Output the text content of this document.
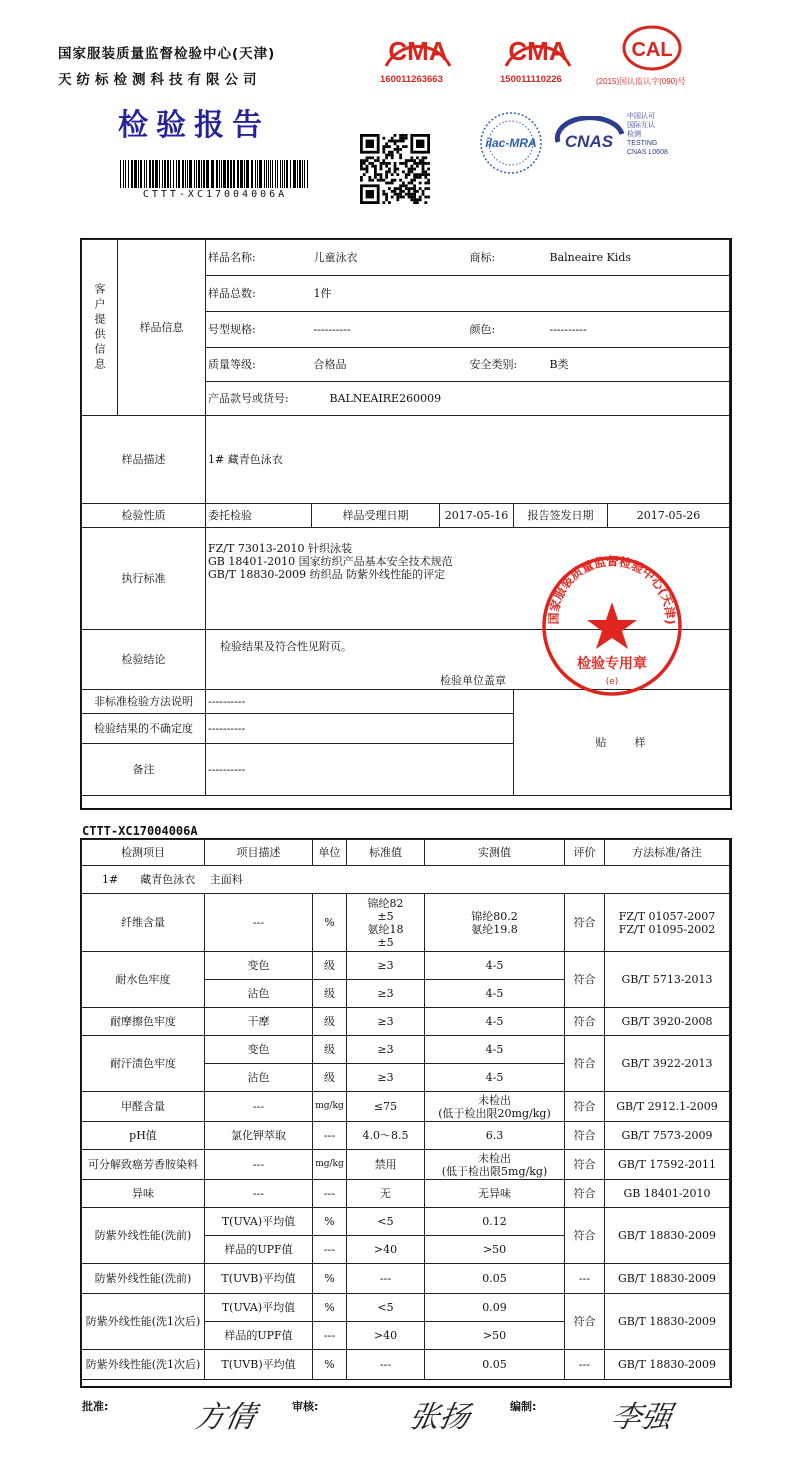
国家服装质量监督检验中心(天津)
天纺标检测科技有限公司
检验报告
CTTT-XC17004006A
CMA
160011263663
CMA
150011110226
CAL
(2015)国认监认字(090)号
ilac-MRA CNAS
中国认可
国际互认
检测
TESTING
CNAS L0608
客户提供信息	样品信息	样品名称:	儿童泳衣	商标:		Balneaire Kids	
		样品总数:	1件				
		号型规格:	----------	颜色:		----------	
		质量等级:	合格品	安全类别:		B类	
		产品款号或货号:	BALNEAIRE260009				
样品描述		1# 藏青色泳衣					
检验性质		委托检验	样品受理日期	2017-05-16	报告签发日期		2017-05-26
执行标准		FZ/T 73013-2010 针织泳装
GB 18401-2010 国家纺织产品基本安全技术规范
GB/T 18830-2009 纺织品 防紫外线性能的评定					

检验结论		检验结果及符合性见附页。
检验单位盖章					

非标准检验方法说明		----------			贴　　样		
检验结果的不确定度		----------					
备注		----------					
国家服装质量监督检验中心(天津)
检验专用章
(e)
CTTT-XC17004006A
检测项目	项目描述	单位	标准值	实测值	评价	方法标准/备注
1#　　藏青色泳衣　 主面料						
纤维含量	---	%	锦纶82
±5
氨纶18
±5	锦纶80.2
氨纶19.8	符合	FZ/T 01057-2007
FZ/T 01095-2002
耐水色牢度	变色	级	≥3	4-5	符合	GB/T 5713-2013
	沾色	级	≥3	4-5		
耐摩擦色牢度	干摩	级	≥3	4-5	符合	GB/T 3920-2008
耐汗渍色牢度	变色	级	≥3	4-5	符合	GB/T 3922-2013
	沾色	级	≥3	4-5		
甲醛含量	---	mg/kg	≤75	未检出
(低于检出限20mg/kg)	符合	GB/T 2912.1-2009
pH值	氯化钾萃取	---	4.0～8.5	6.3	符合	GB/T 7573-2009
可分解致癌芳香胺染料	---	mg/kg	禁用	未检出
(低于检出限5mg/kg)	符合	GB/T 17592-2011
异味	---	---	无	无异味	符合	GB 18401-2010
防紫外线性能(洗前)	T(UVA)平均值	%	<5	0.12	符合	GB/T 18830-2009
	样品的UPF值	---	>40	>50		
防紫外线性能(洗前)	T(UVB)平均值	%	---	0.05	---	GB/T 18830-2009
防紫外线性能(洗1次后)	T(UVA)平均值	%	<5	0.09	符合	GB/T 18830-2009
	样品的UPF值	---	>40	>50		
防紫外线性能(洗1次后)	T(UVB)平均值	%	---	0.05	---	GB/T 18830-2009
批准:	方倩	审核:	张扬	编制: 李强
